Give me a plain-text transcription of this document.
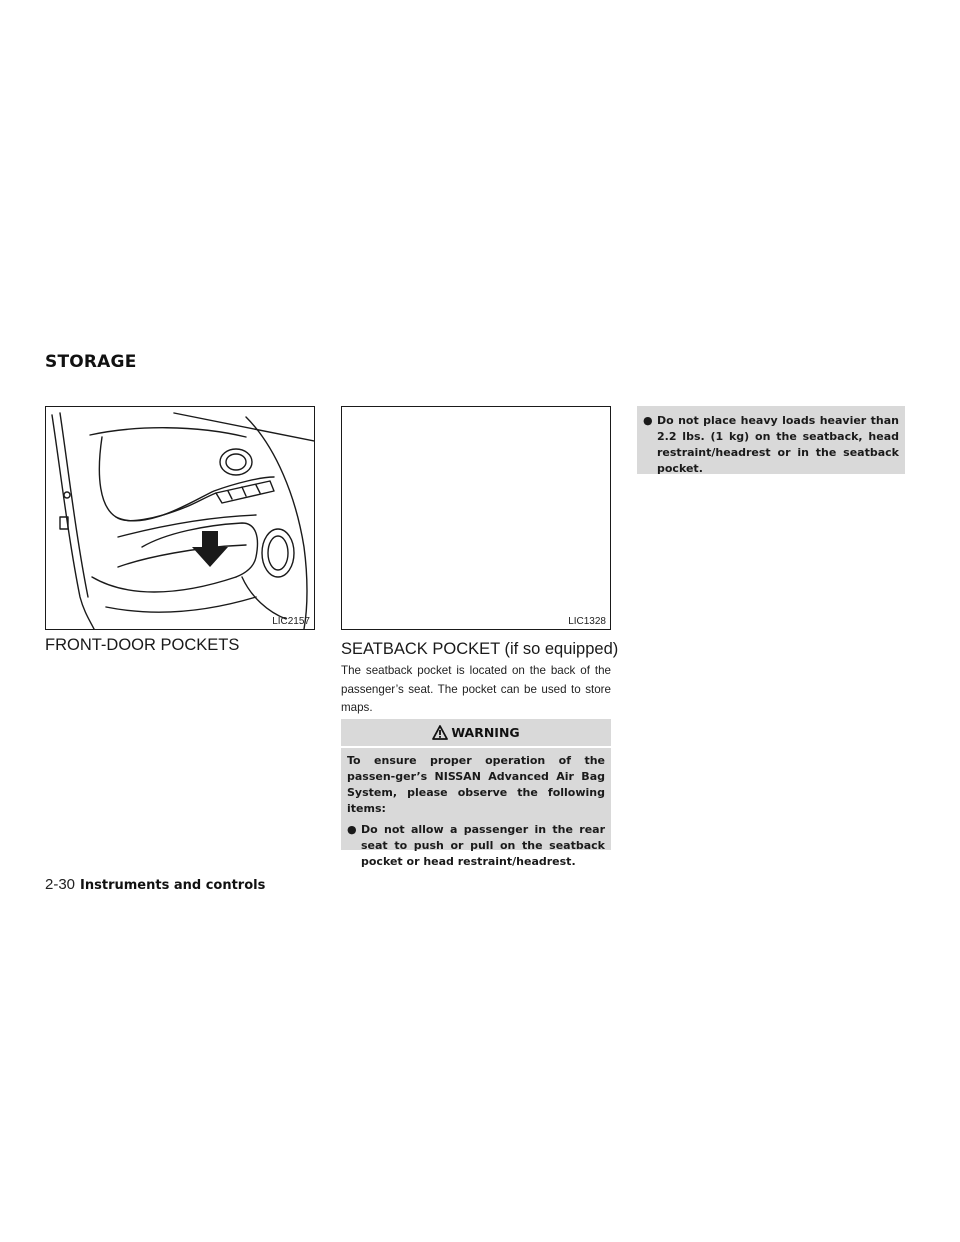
STORAGE
LIC2157	LIC1328
FRONT-DOOR POCKETS	SEATBACK POCKET (if so equipped)
The seatback pocket is located on the back of the passenger’s seat. The pocket can be used to store maps.
WARNING
To ensure proper operation of the passen-ger’s NISSAN Advanced Air Bag System, please observe the following items:
● Do not allow a passenger in the rear seat to push or pull on the seatback pocket or head restraint/headrest.
● Do not place heavy loads heavier than 2.2 lbs. (1 kg) on the seatback, head restraint/headrest or in the seatback pocket.
2-30 Instruments and controls
